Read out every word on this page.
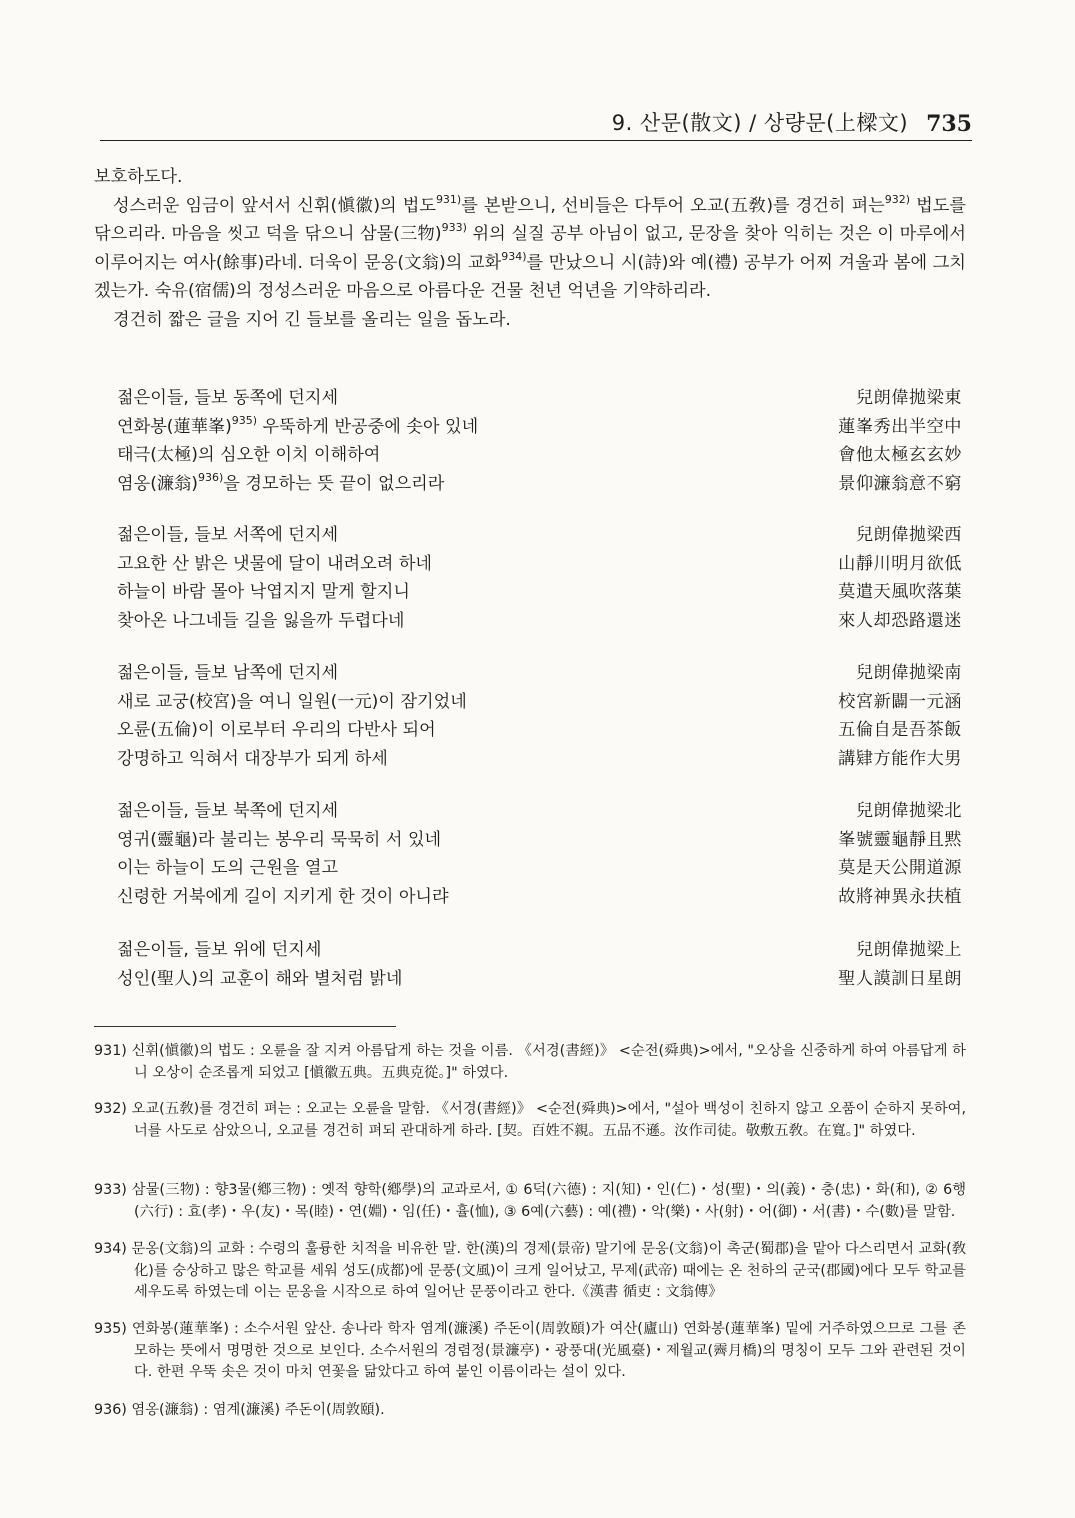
9. 산문(散文) / 상량문(上樑文) 735

보호하도다.

성스러운 임금이 앞서서 신휘(愼徽)의 법도$^{931)}$를 본받으니, 선비들은 다투어 오교(五敎)를 경건히 펴는$^{932)}$ 법도를 닦으리라. 마음을 씻고 덕을 닦으니 삼물(三物)$^{933)}$ 위의 실질 공부 아님이 없고, 문장을 찾아 익히는 것은 이 마루에서 이루어지는 여사(餘事)라네. 더욱이 문옹(文翁)의 교화$^{934)}$를 만났으니 시(詩)와 예(禮) 공부가 어찌 겨울과 봄에 그치겠는가. 숙유(宿儒)의 정성스러운 마음으로 아름다운 건물 천년 억년을 기약하리라.

경건히 짧은 글을 지어 긴 들보를 올리는 일을 돕노라.

젊은이들, 들보 동쪽에 던지세	兒朗偉拋梁東
연화봉(蓮華峯)$^{935)}$ 우뚝하게 반공중에 솟아 있네	蓮峯秀出半空中
태극(太極)의 심오한 이치 이해하여	會他太極玄玄妙
염옹(濂翁)$^{936)}$을 경모하는 뜻 끝이 없으리라	景仰濂翁意不窮
젊은이들, 들보 서쪽에 던지세	兒朗偉拋梁西
고요한 산 밝은 냇물에 달이 내려오려 하네	山靜川明月欲低
하늘이 바람 몰아 낙엽지지 말게 할지니	莫遣天風吹落葉
찾아온 나그네들 길을 잃을까 두렵다네	來人却恐路還迷
젊은이들, 들보 남쪽에 던지세	兒朗偉拋梁南
새로 교궁(校宮)을 여니 일원(一元)이 잠기었네	校宮新闢一元涵
오륜(五倫)이 이로부터 우리의 다반사 되어	五倫自是吾茶飯
강명하고 익혀서 대장부가 되게 하세	講肄方能作大男
젊은이들, 들보 북쪽에 던지세	兒朗偉拋梁北
영귀(靈龜)라 불리는 봉우리 묵묵히 서 있네	峯號靈龜靜且黙
이는 하늘이 도의 근원을 열고	莫是天公開道源
신령한 거북에게 길이 지키게 한 것이 아니랴	故將神異永扶植
젊은이들, 들보 위에 던지세	兒朗偉拋梁上
성인(聖人)의 교훈이 해와 별처럼 밝네	聖人謨訓日星朗
931) 신휘(愼徽)의 법도 : 오륜을 잘 지켜 아름답게 하는 것을 이름. 《서경(書經)》 <순전(舜典)>에서, "오상을 신중하게 하여 아름답게 하니 오상이 순조롭게 되었고 [愼徽五典。五典克從。]" 하였다.
932) 오교(五敎)를 경건히 펴는 : 오교는 오륜을 말함. 《서경(書經)》 <순전(舜典)>에서, "설아 백성이 친하지 않고 오품이 순하지 못하여, 너를 사도로 삼았으니, 오교를 경건히 펴되 관대하게 하라. [契。百姓不親。五品不遜。汝作司徒。敬敷五敎。在寬。]" 하였다.
933) 삼물(三物) : 향3물(鄕三物) : 옛적 향학(鄕學)의 교과로서, ① 6덕(六德) : 지(知)・인(仁)・성(聖)・의(義)・충(忠)・화(和), ② 6행(六行) : 효(孝)・우(友)・목(睦)・연(婣)・임(任)・휼(恤), ③ 6예(六藝) : 예(禮)・악(樂)・사(射)・어(御)・서(書)・수(數)를 말함.
934) 문옹(文翁)의 교화 : 수령의 훌륭한 치적을 비유한 말. 한(漢)의 경제(景帝) 말기에 문옹(文翁)이 촉군(蜀郡)을 맡아 다스리면서 교화(敎化)를 숭상하고 많은 학교를 세워 성도(成都)에 문풍(文風)이 크게 일어났고, 무제(武帝) 때에는 온 천하의 군국(郡國)에다 모두 학교를 세우도록 하였는데 이는 문옹을 시작으로 하여 일어난 문풍이라고 한다.《漢書 循吏 : 文翁傳》
935) 연화봉(蓮華峯) : 소수서원 앞산. 송나라 학자 염계(濂溪) 주돈이(周敦頤)가 여산(廬山) 연화봉(蓮華峯) 밑에 거주하였으므로 그를 존모하는 뜻에서 명명한 것으로 보인다. 소수서원의 경렴정(景濂亭)・광풍대(光風臺)・제월교(霽月橋)의 명칭이 모두 그와 관련된 것이다. 한편 우뚝 솟은 것이 마치 연꽃을 닮았다고 하여 붙인 이름이라는 설이 있다.
936) 염옹(濂翁) : 염계(濂溪) 주돈이(周敦頤).
